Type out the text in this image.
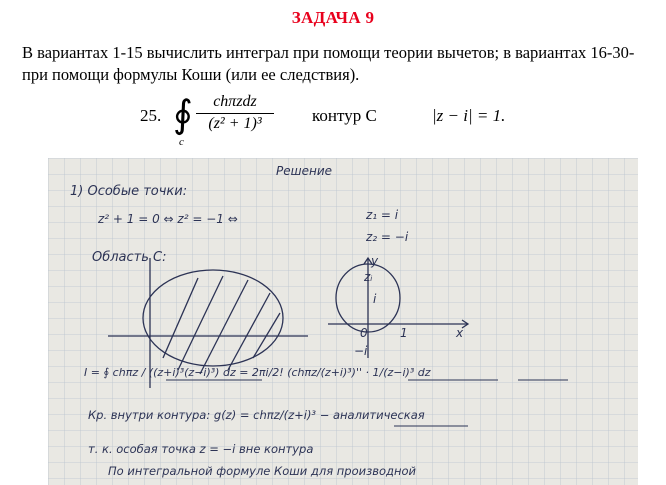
ЗАДАЧА 9
В вариантах 1-15 вычислить интеграл при помощи теории вычетов; в вариантах 16-30- при помощи формулы Коши (или ее следствия).
25. ∮
c
chπzdz
(z² + 1)³	контур C	|z − i| = 1.
Решение
1) Особые точки:
z² + 1 = 0 ⇔ z² = −1 ⇔	z₁ = i
z₂ = −i
Область С:	y
zᵢ
i
0	1	x
−i
I = ∮ chπz / ((z+i)³(z−i)³) dz = 2πi/2! (chπz/(z+i)³)'' · 1/(z−i)³ dz
Кр. внутри контура: g(z) = chπz/(z+i)³ − аналитическая
т. к. особая точка z = −i вне контура
По интегральной формуле Коши для производной
